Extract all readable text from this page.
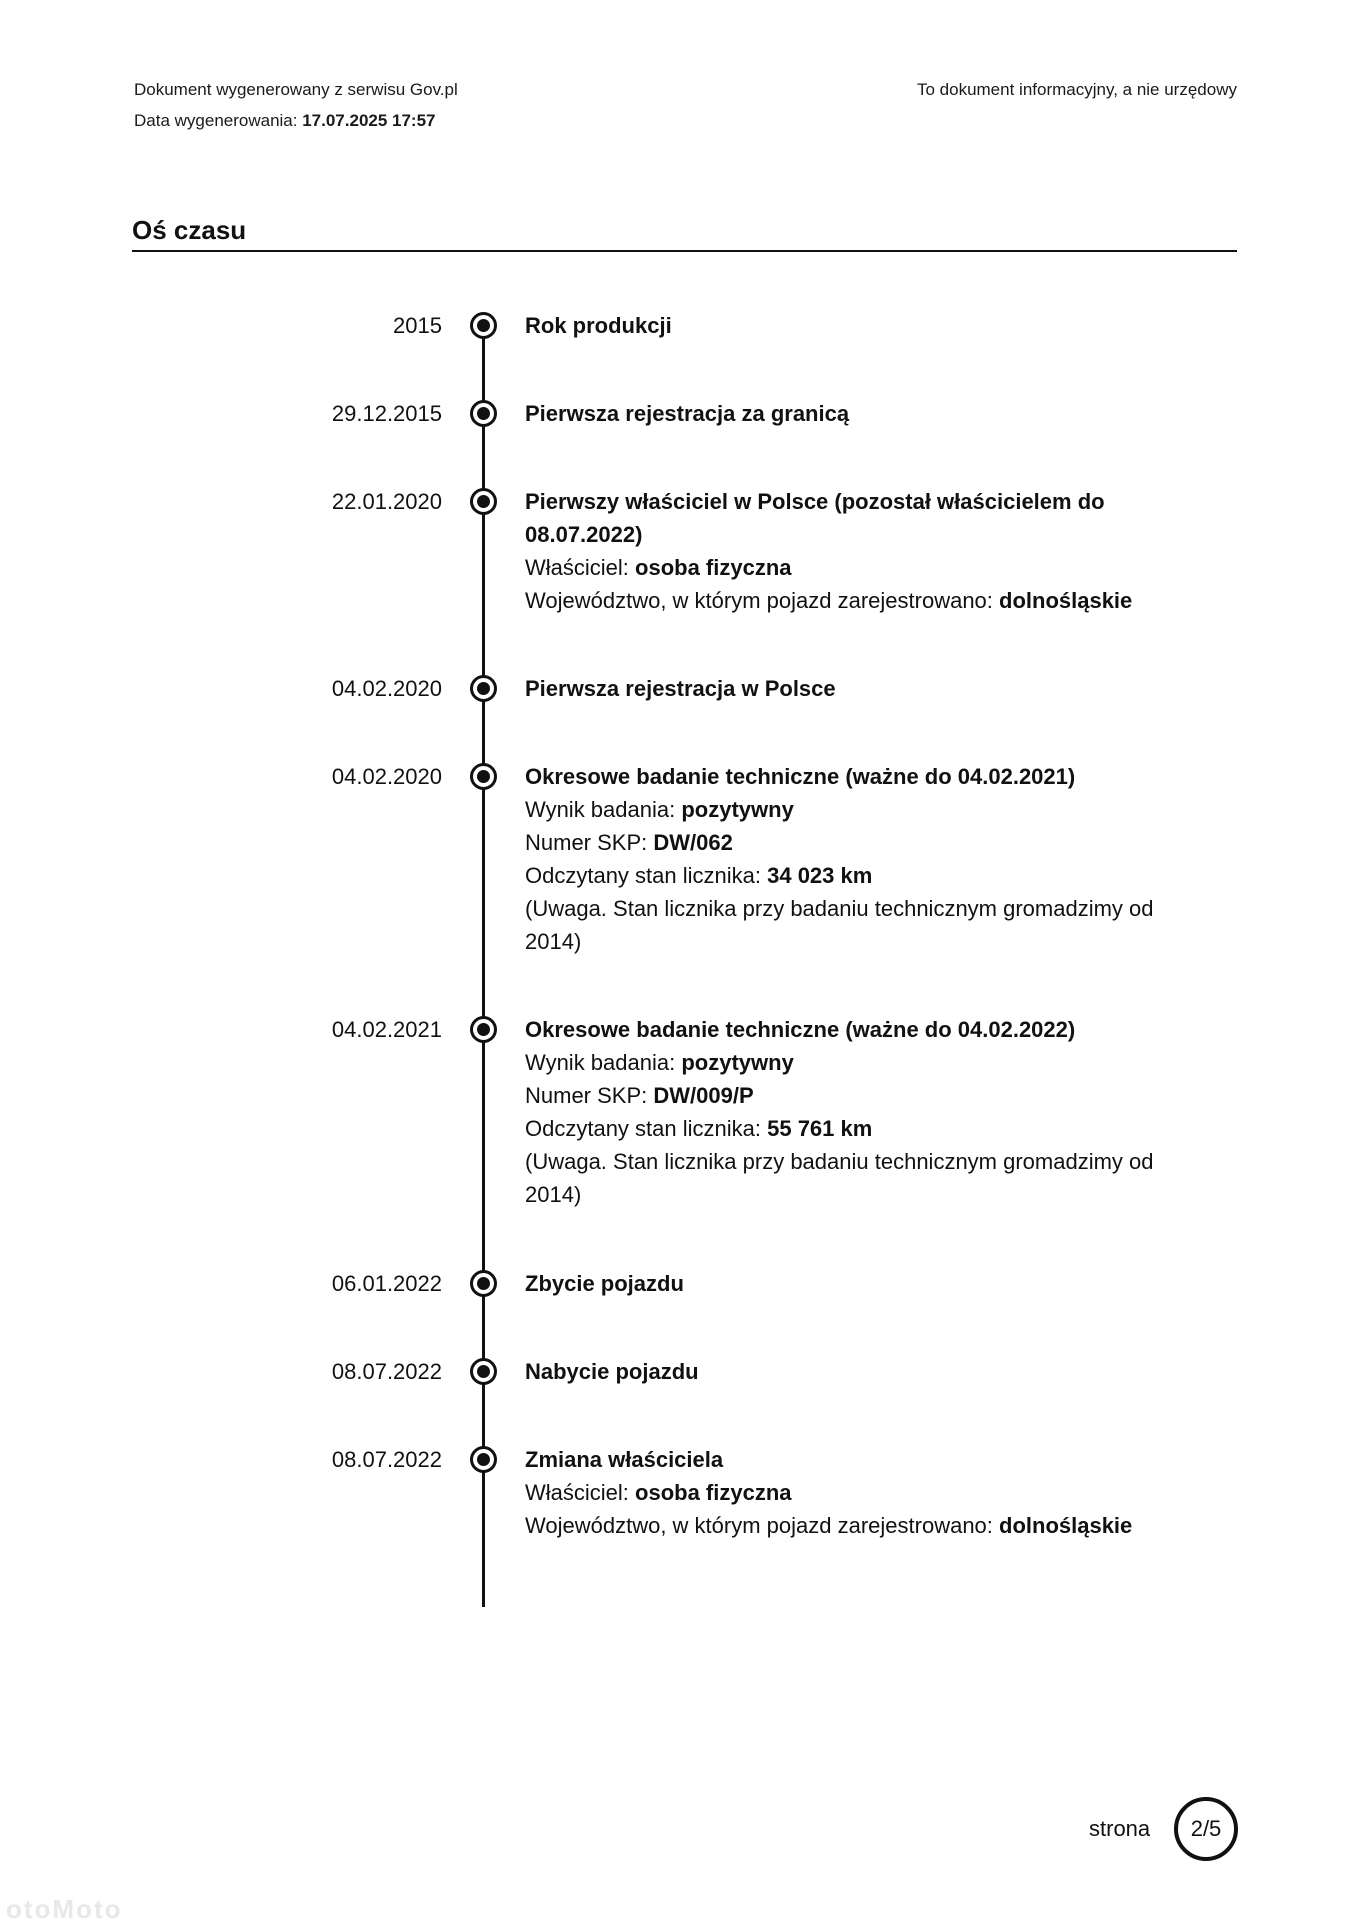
Dokument wygenerowany z serwisu Gov.pl
Data wygenerowania: 17.07.2025 17:57
To dokument informacyjny, a nie urzędowy
Oś czasu
2015	Rok produkcji
29.12.2015	Pierwsza rejestracja za granicą
22.01.2020	Pierwszy właściciel w Polsce (pozostał właścicielem do 08.07.2022)
Właściciel: osoba fizyczna
Województwo, w którym pojazd zarejestrowano: dolnośląskie
04.02.2020	Pierwsza rejestracja w Polsce
04.02.2020	Okresowe badanie techniczne (ważne do 04.02.2021)
Wynik badania: pozytywny
Numer SKP: DW/062
Odczytany stan licznika: 34 023 km
(Uwaga. Stan licznika przy badaniu technicznym gromadzimy od 2014)
04.02.2021	Okresowe badanie techniczne (ważne do 04.02.2022)
Wynik badania: pozytywny
Numer SKP: DW/009/P
Odczytany stan licznika: 55 761 km
(Uwaga. Stan licznika przy badaniu technicznym gromadzimy od 2014)
06.01.2022	Zbycie pojazdu
08.07.2022	Nabycie pojazdu
08.07.2022	Zmiana właściciela
Właściciel: osoba fizyczna
Województwo, w którym pojazd zarejestrowano: dolnośląskie
strona 2/5
otoMoto
